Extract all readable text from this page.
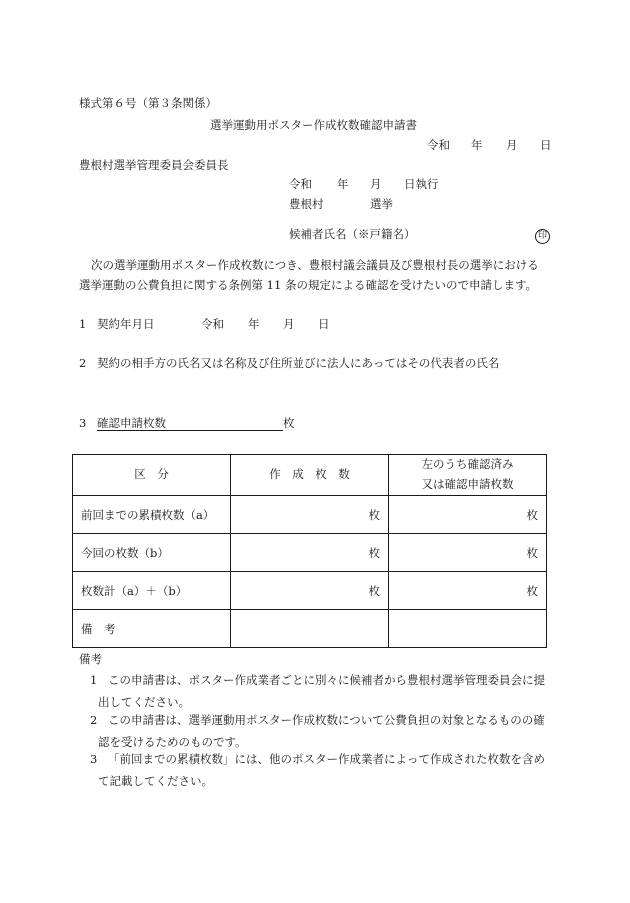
様式第６号（第３条関係）
選挙運動用ポスター作成枚数確認申請書
令和 年 月 日
豊根村選挙管理委員会委員長
令和 年 月 日執行
豊根村	選挙
候補者氏名（※戸籍名）	印
次の選挙運動用ポスター作成枚数につき、豊根村議会議員及び豊根村長の選挙における
選挙運動の公費負担に関する条例第 11 条の規定による確認を受けたいので申請します。
1 契約年月日	令和 年 月 日
2 契約の相手方の氏名又は名称及び住所並びに法人にあってはその代表者の氏名
3 確認申請枚数	枚
区　分	作　成　枚　数	左のうち確認済み
又は確認申請枚数

前回までの累積枚数（a）	枚	枚
今回の枚数（b）	枚	枚
枚数計（a）＋（b）	枚	枚
備　考		
備考
1 この申請書は、ポスター作成業者ごとに別々に候補者から豊根村選挙管理委員会に提
出してください。
2 この申請書は、選挙運動用ポスター作成枚数について公費負担の対象となるものの確
認を受けるためのものです。
3 「前回までの累積枚数」には、他のポスター作成業者によって作成された枚数を含め
て記載してください。
